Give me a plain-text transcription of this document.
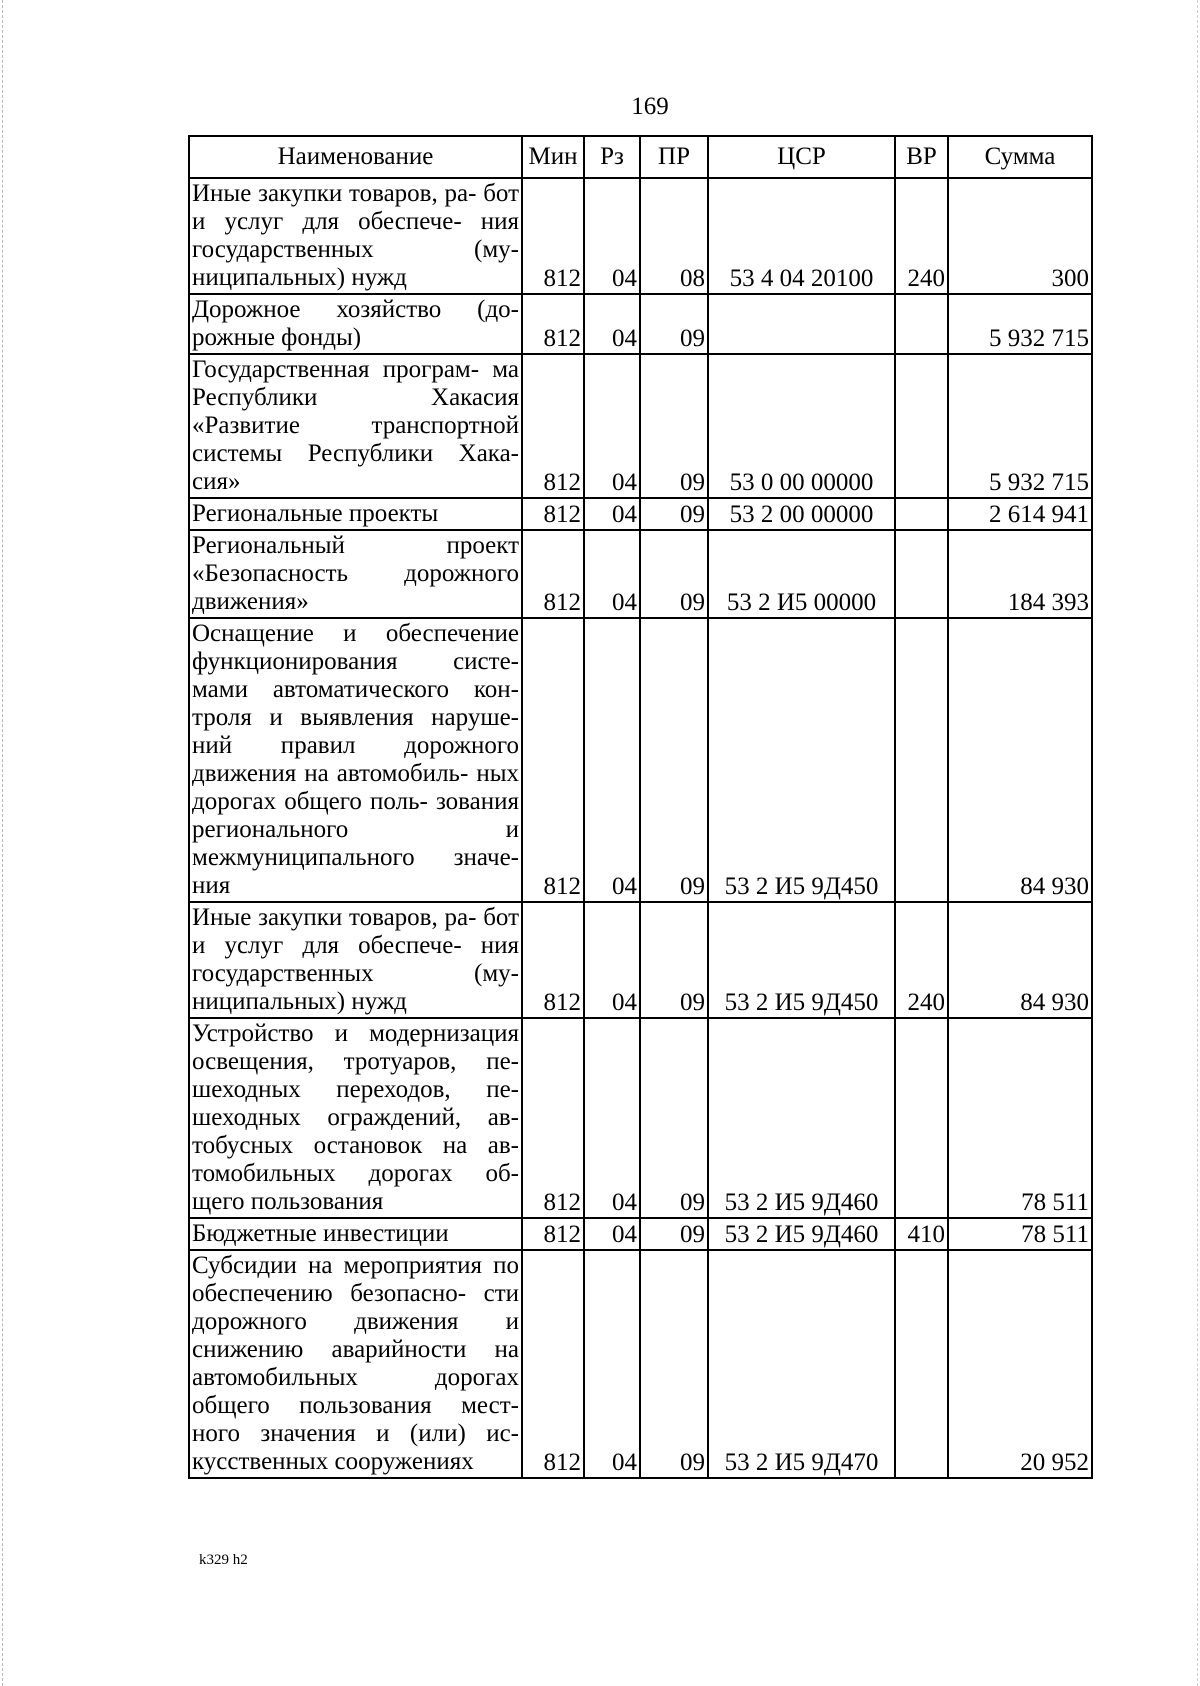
169
Наименование	Мин	Рз	ПР	ЦСР	ВР	Сумма
Иные закупки товаров, ра- бот и услуг для обеспече- ния государственных (му- ниципальных) нужд	812	04	08	53 4 04 20100	240	300
Дорожное хозяйство (до- рожные фонды)	812	04	09			5 932 715
Государственная програм- ма Республики Хакасия «Развитие транспортной системы Республики Хака- сия»	812	04	09	53 0 00 00000		5 932 715
Региональные проекты	812	04	09	53 2 00 00000		2 614 941
Региональный проект «Безопасность дорожного движения»	812	04	09	53 2 И5 00000		184 393
Оснащение и обеспечение функционирования систе- мами автоматического кон- троля и выявления наруше- ний правил дорожного движения на автомобиль- ных дорогах общего поль- зования регионального и межмуниципального значе- ния	812	04	09	53 2 И5 9Д450		84 930
Иные закупки товаров, ра- бот и услуг для обеспече- ния государственных (му- ниципальных) нужд	812	04	09	53 2 И5 9Д450	240	84 930
Устройство и модернизация освещения, тротуаров, пе- шеходных переходов, пе- шеходных ограждений, ав- тобусных остановок на ав- томобильных дорогах об- щего пользования	812	04	09	53 2 И5 9Д460		78 511
Бюджетные инвестиции	812	04	09	53 2 И5 9Д460	410	78 511
Субсидии на мероприятия по обеспечению безопасно- сти дорожного движения и снижению аварийности на автомобильных дорогах общего пользования мест- ного значения и (или) ис- кусственных сооружениях	812	04	09	53 2 И5 9Д470		20 952
k329 h2
